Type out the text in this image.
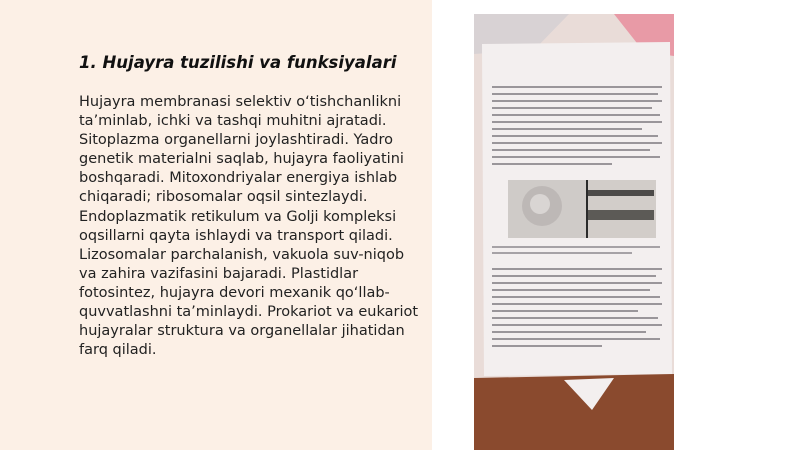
1. Hujayra tuzilishi va funksiyalari

Hujayra membranasi selektiv o‘tishchanlikni ta’minlab, ichki va tashqi muhitni ajratadi. Sitoplazma organellarni joylashtiradi. Yadro genetik materialni saqlab, hujayra faoliyatini boshqaradi. Mitoxondriyalar energiya ishlab chiqaradi; ribosomalar oqsil sintezlaydi. Endoplazmatik retikulum va Golji kompleksi oqsillarni qayta ishlaydi va transport qiladi. Lizosomalar parchalanish, vakuola suv-niqob va zahira vazifasini bajaradi. Plastidlar fotosintez, hujayra devori mexanik qo‘llab-quvvatlashni ta’minlaydi. Prokariot va eukariot hujayralar struktura va organellalar jihatidan farq qiladi.
